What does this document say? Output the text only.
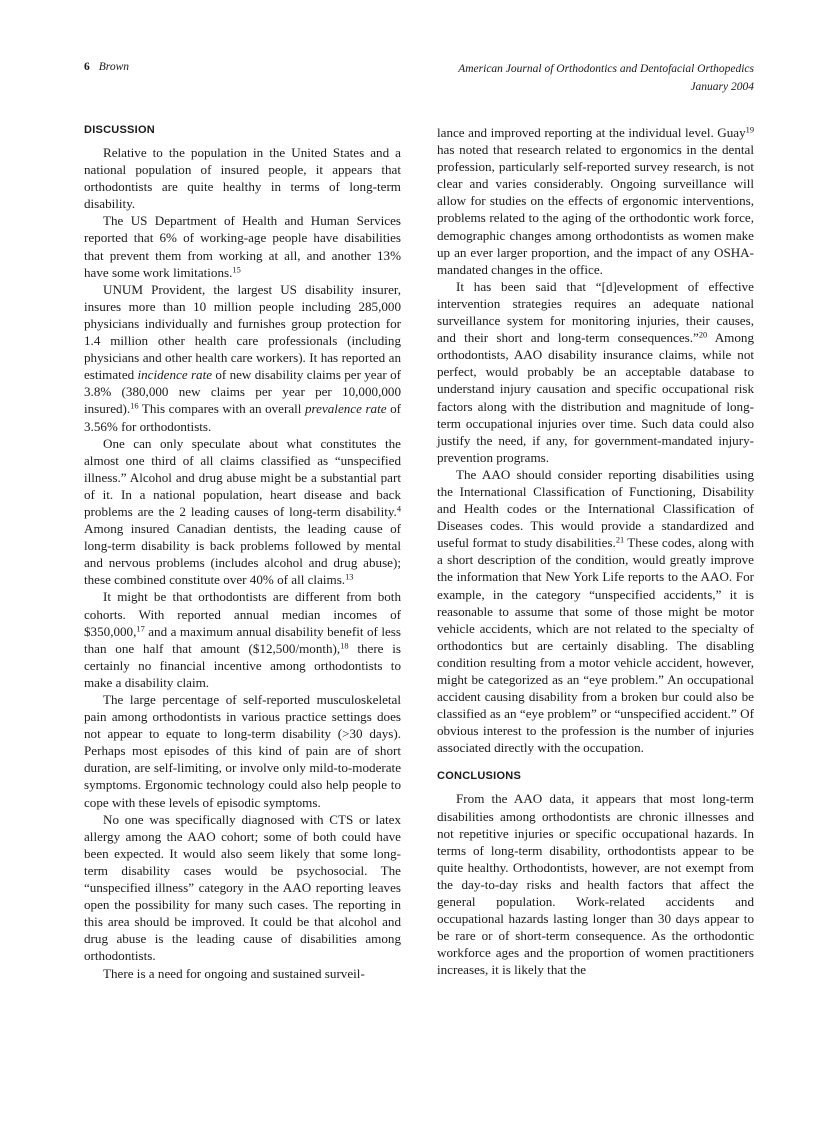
6 Brown	American Journal of Orthodontics and Dentofacial Orthopedics
January 2004
DISCUSSION

Relative to the population in the United States and a national population of insured people, it appears that orthodontists are quite healthy in terms of long-term disability.

The US Department of Health and Human Services reported that 6% of working-age people have disabilities that prevent them from working at all, and another 13% have some work limitations.$^{15}$

UNUM Provident, the largest US disability insurer, insures more than 10 million people including 285,000 physicians individually and furnishes group protection for 1.4 million other health care professionals (including physicians and other health care workers). It has reported an estimated incidence rate of new disability claims per year of 3.8% (380,000 new claims per year per 10,000,000 insured).$^{16}$ This compares with an overall prevalence rate of 3.56% for orthodontists.

One can only speculate about what constitutes the almost one third of all claims classified as “unspecified illness.” Alcohol and drug abuse might be a substantial part of it. In a national population, heart disease and back problems are the 2 leading causes of long-term disability.$^4$ Among insured Canadian dentists, the leading cause of long-term disability is back problems followed by mental and nervous problems (includes alcohol and drug abuse); these combined constitute over 40% of all claims.$^{13}$

It might be that orthodontists are different from both cohorts. With reported annual median incomes of $350,000,17 and a maximum annual disability benefit of less than one half that amount ($12,500/month),$^{18}$ there is certainly no financial incentive among orthodontists to make a disability claim.

The large percentage of self-reported musculoskeletal pain among orthodontists in various practice settings does not appear to equate to long-term disability (>30 days). Perhaps most episodes of this kind of pain are of short duration, are self-limiting, or involve only mild-to-moderate symptoms. Ergonomic technology could also help people to cope with these levels of episodic symptoms.

No one was specifically diagnosed with CTS or latex allergy among the AAO cohort; some of both could have been expected. It would also seem likely that some long-term disability cases would be psychosocial. The “unspecified illness” category in the AAO reporting leaves open the possibility for many such cases. The reporting in this area should be improved. It could be that alcohol and drug abuse is the leading cause of disabilities among orthodontists.

There is a need for ongoing and sustained surveil-

lance and improved reporting at the individual level. Guay$^{19}$ has noted that research related to ergonomics in the dental profession, particularly self-reported survey research, is not clear and varies considerably. Ongoing surveillance will allow for studies on the effects of ergonomic interventions, problems related to the aging of the orthodontic work force, demographic changes among orthodontists as women make up an ever larger proportion, and the impact of any OSHA-mandated changes in the office.

It has been said that “[d]evelopment of effective intervention strategies requires an adequate national surveillance system for monitoring injuries, their causes, and their short and long-term consequences.”$^{20}$ Among orthodontists, AAO disability insurance claims, while not perfect, would probably be an acceptable database to understand injury causation and specific occupational risk factors along with the distribution and magnitude of long-term occupational injuries over time. Such data could also justify the need, if any, for government-mandated injury-prevention programs.

The AAO should consider reporting disabilities using the International Classification of Functioning, Disability and Health codes or the International Classification of Diseases codes. This would provide a standardized and useful format to study disabilities.$^{21}$ These codes, along with a short description of the condition, would greatly improve the information that New York Life reports to the AAO. For example, in the category “unspecified accidents,” it is reasonable to assume that some of those might be motor vehicle accidents, which are not related to the specialty of orthodontics but are certainly disabling. The disabling condition resulting from a motor vehicle accident, however, might be categorized as an “eye problem.” An occupational accident causing disability from a broken bur could also be classified as an “eye problem” or “unspecified accident.” Of obvious interest to the profession is the number of injuries associated directly with the occupation.

CONCLUSIONS

From the AAO data, it appears that most long-term disabilities among orthodontists are chronic illnesses and not repetitive injuries or specific occupational hazards. In terms of long-term disability, orthodontists appear to be quite healthy. Orthodontists, however, are not exempt from the day-to-day risks and health factors that affect the general population. Work-related accidents and occupational hazards lasting longer than 30 days appear to be rare or of short-term consequence. As the orthodontic workforce ages and the proportion of women practitioners increases, it is likely that the
